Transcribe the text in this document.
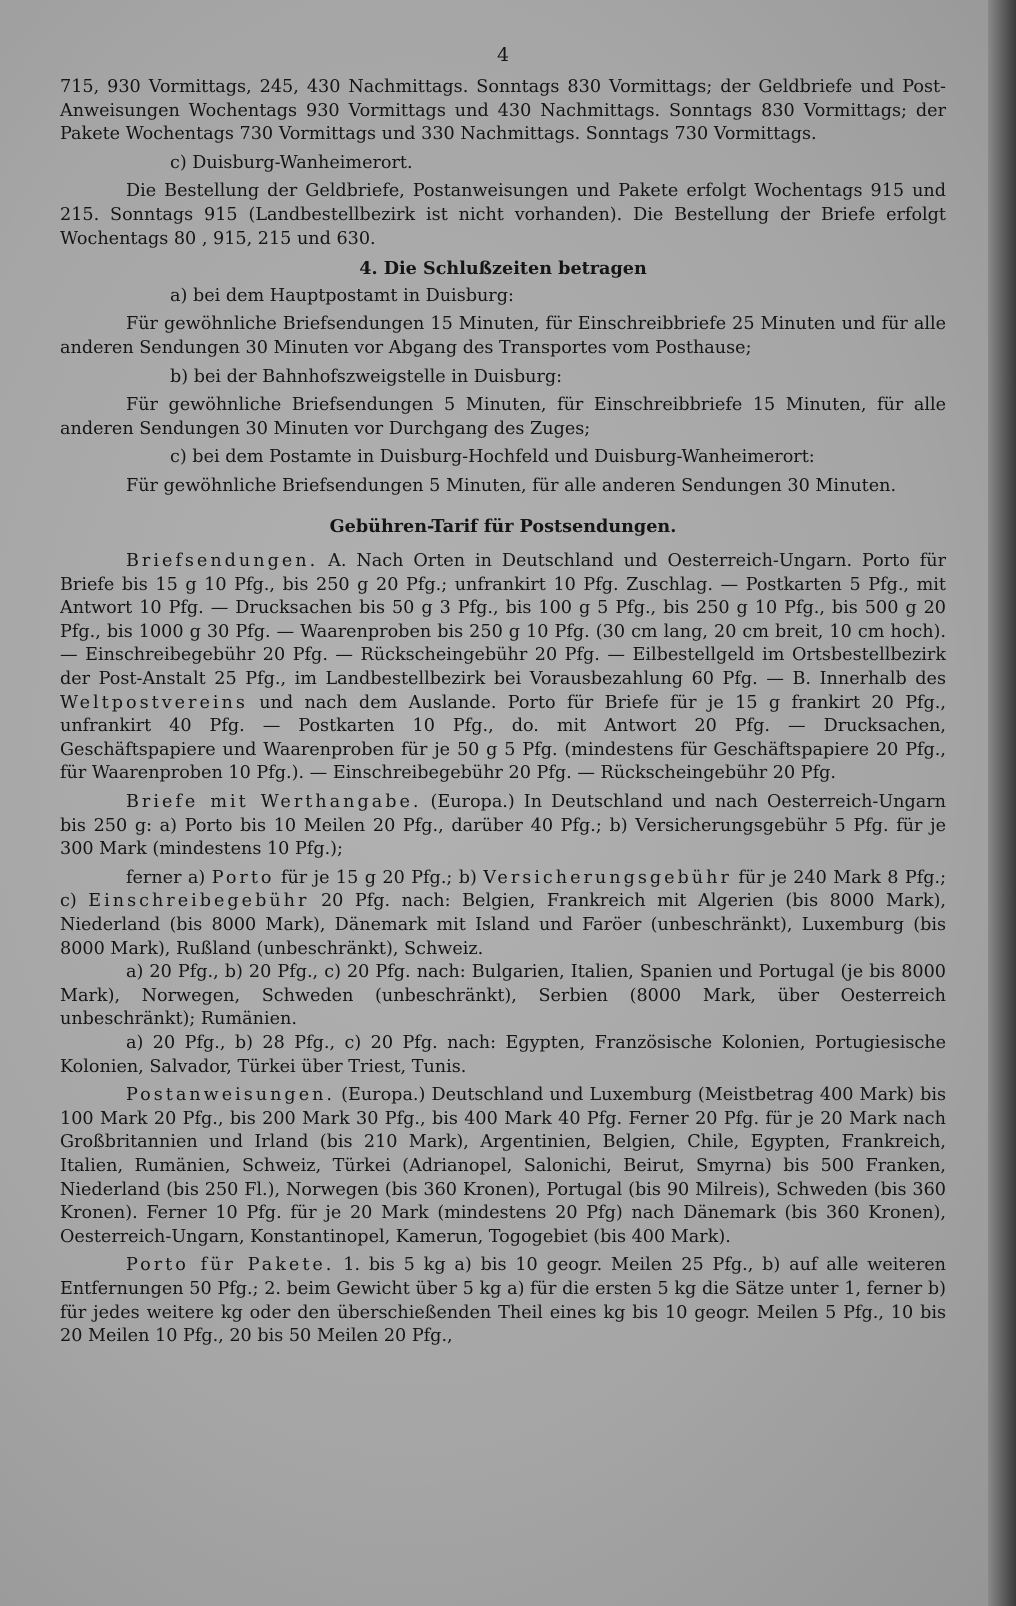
4

715, 930 Vormittags, 245, 430 Nachmittags. Sonntags 830 Vormittags; der Geldbriefe und Post-Anweisungen Wochentags 930 Vormittags und 430 Nachmittags. Sonntags 830 Vormittags; der Pakete Wochentags 730 Vormittags und 330 Nachmittags. Sonntags 730 Vormittags.

c) Duisburg-Wanheimerort.

Die Bestellung der Geldbriefe, Postanweisungen und Pakete erfolgt Wochentags 915 und 215. Sonntags 915 (Landbestellbezirk ist nicht vorhanden). Die Bestellung der Briefe erfolgt Wochentags 80 , 915, 215 und 630.

4. Die Schlußzeiten betragen

a) bei dem Hauptpostamt in Duisburg:

Für gewöhnliche Briefsendungen 15 Minuten, für Einschreibbriefe 25 Minuten und für alle anderen Sendungen 30 Minuten vor Abgang des Transportes vom Posthause;

b) bei der Bahnhofszweigstelle in Duisburg:

Für gewöhnliche Briefsendungen 5 Minuten, für Einschreibbriefe 15 Minuten, für alle anderen Sendungen 30 Minuten vor Durchgang des Zuges;

c) bei dem Postamte in Duisburg-Hochfeld und Duisburg-Wanheimerort:

Für gewöhnliche Briefsendungen 5 Minuten, für alle anderen Sendungen 30 Minuten.

Gebühren-Tarif für Postsendungen.

Briefsendungen. A. Nach Orten in Deutschland und Oesterreich-Ungarn. Porto für Briefe bis 15 g 10 Pfg., bis 250 g 20 Pfg.; unfrankirt 10 Pfg. Zuschlag. — Postkarten 5 Pfg., mit Antwort 10 Pfg. — Drucksachen bis 50 g 3 Pfg., bis 100 g 5 Pfg., bis 250 g 10 Pfg., bis 500 g 20 Pfg., bis 1000 g 30 Pfg. — Waarenproben bis 250 g 10 Pfg. (30 cm lang, 20 cm breit, 10 cm hoch). — Einschreibegebühr 20 Pfg. — Rückscheingebühr 20 Pfg. — Eilbestellgeld im Ortsbestellbezirk der Post-Anstalt 25 Pfg., im Landbestellbezirk bei Vorausbezahlung 60 Pfg. — B. Innerhalb des Weltpostvereins und nach dem Auslande. Porto für Briefe für je 15 g frankirt 20 Pfg., unfrankirt 40 Pfg. — Postkarten 10 Pfg., do. mit Antwort 20 Pfg. — Drucksachen, Geschäftspapiere und Waarenproben für je 50 g 5 Pfg. (mindestens für Geschäftspapiere 20 Pfg., für Waarenproben 10 Pfg.). — Einschreibegebühr 20 Pfg. — Rückscheingebühr 20 Pfg.

Briefe mit Werthangabe. (Europa.) In Deutschland und nach Oesterreich-Ungarn bis 250 g: a) Porto bis 10 Meilen 20 Pfg., darüber 40 Pfg.; b) Versicherungsgebühr 5 Pfg. für je 300 Mark (mindestens 10 Pfg.);

ferner a) Porto für je 15 g 20 Pfg.; b) Versicherungsgebühr für je 240 Mark 8 Pfg.; c) Einschreibegebühr 20 Pfg. nach: Belgien, Frankreich mit Algerien (bis 8000 Mark), Niederland (bis 8000 Mark), Dänemark mit Island und Faröer (unbeschränkt), Luxemburg (bis 8000 Mark), Rußland (unbeschränkt), Schweiz.

a) 20 Pfg., b) 20 Pfg., c) 20 Pfg. nach: Bulgarien, Italien, Spanien und Portugal (je bis 8000 Mark), Norwegen, Schweden (unbeschränkt), Serbien (8000 Mark, über Oesterreich unbeschränkt); Rumänien.

a) 20 Pfg., b) 28 Pfg., c) 20 Pfg. nach: Egypten, Französische Kolonien, Portugiesische Kolonien, Salvador, Türkei über Triest, Tunis.

Postanweisungen. (Europa.) Deutschland und Luxemburg (Meistbetrag 400 Mark) bis 100 Mark 20 Pfg., bis 200 Mark 30 Pfg., bis 400 Mark 40 Pfg. Ferner 20 Pfg. für je 20 Mark nach Großbritannien und Irland (bis 210 Mark), Argentinien, Belgien, Chile, Egypten, Frankreich, Italien, Rumänien, Schweiz, Türkei (Adrianopel, Salonichi, Beirut, Smyrna) bis 500 Franken, Niederland (bis 250 Fl.), Norwegen (bis 360 Kronen), Portugal (bis 90 Milreis), Schweden (bis 360 Kronen). Ferner 10 Pfg. für je 20 Mark (mindestens 20 Pfg) nach Dänemark (bis 360 Kronen), Oesterreich-Ungarn, Konstantinopel, Kamerun, Togogebiet (bis 400 Mark).

Porto für Pakete. 1. bis 5 kg a) bis 10 geogr. Meilen 25 Pfg., b) auf alle weiteren Entfernungen 50 Pfg.; 2. beim Gewicht über 5 kg a) für die ersten 5 kg die Sätze unter 1, ferner b) für jedes weitere kg oder den überschießenden Theil eines kg bis 10 geogr. Meilen 5 Pfg., 10 bis 20 Meilen 10 Pfg., 20 bis 50 Meilen 20 Pfg.,
